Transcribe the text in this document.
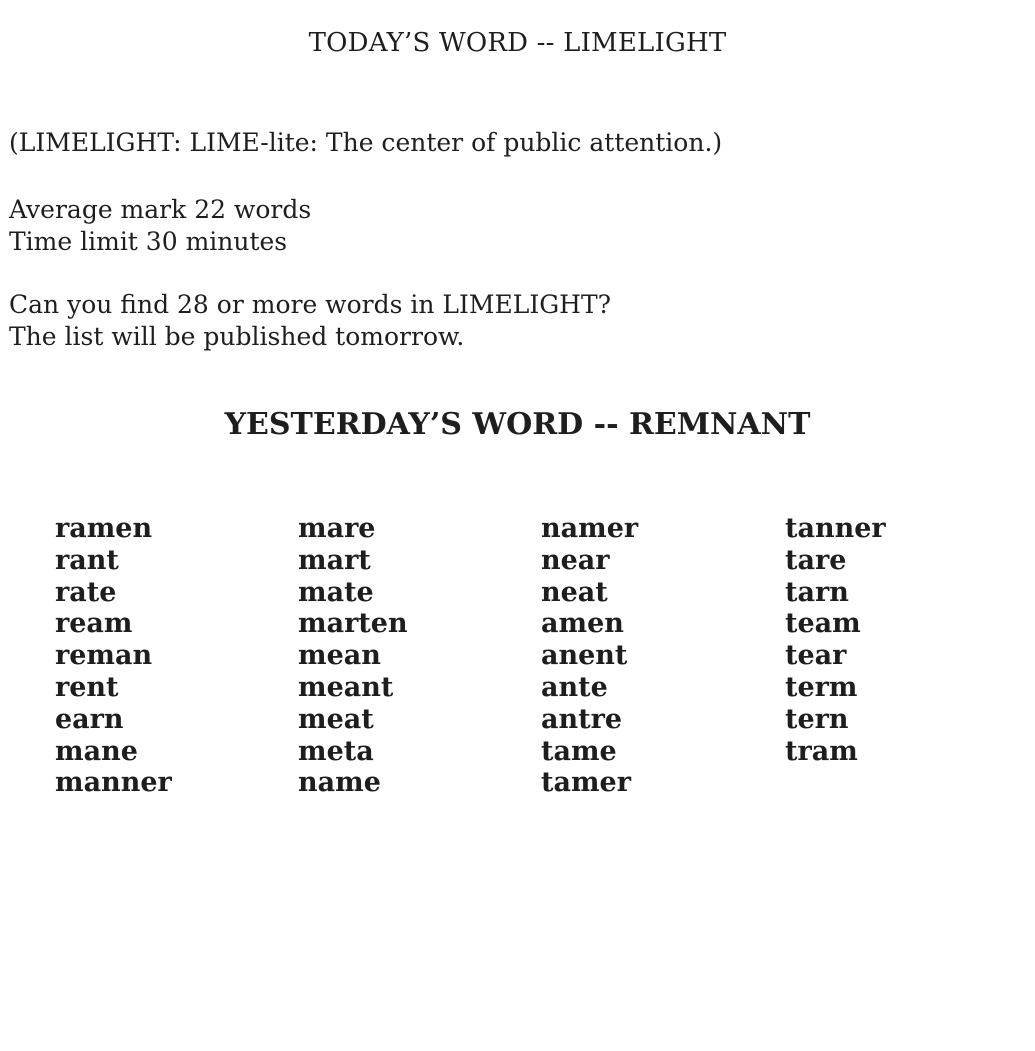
TODAY’S WORD -- LIMELIGHT
(LIMELIGHT: LIME-lite: The center of public attention.)
Average mark 22 words
Time limit 30 minutes
Can you find 28 or more words in LIMELIGHT?
The list will be published tomorrow.
YESTERDAY’S WORD -- REMNANT
ramen
rant
rate
ream
reman
rent
earn
mane
manner
mare
mart
mate
marten
mean
meant
meat
meta
name
namer
near
neat
amen
anent
ante
antre
tame
tamer
tanner
tare
tarn
team
tear
term
tern
tram
